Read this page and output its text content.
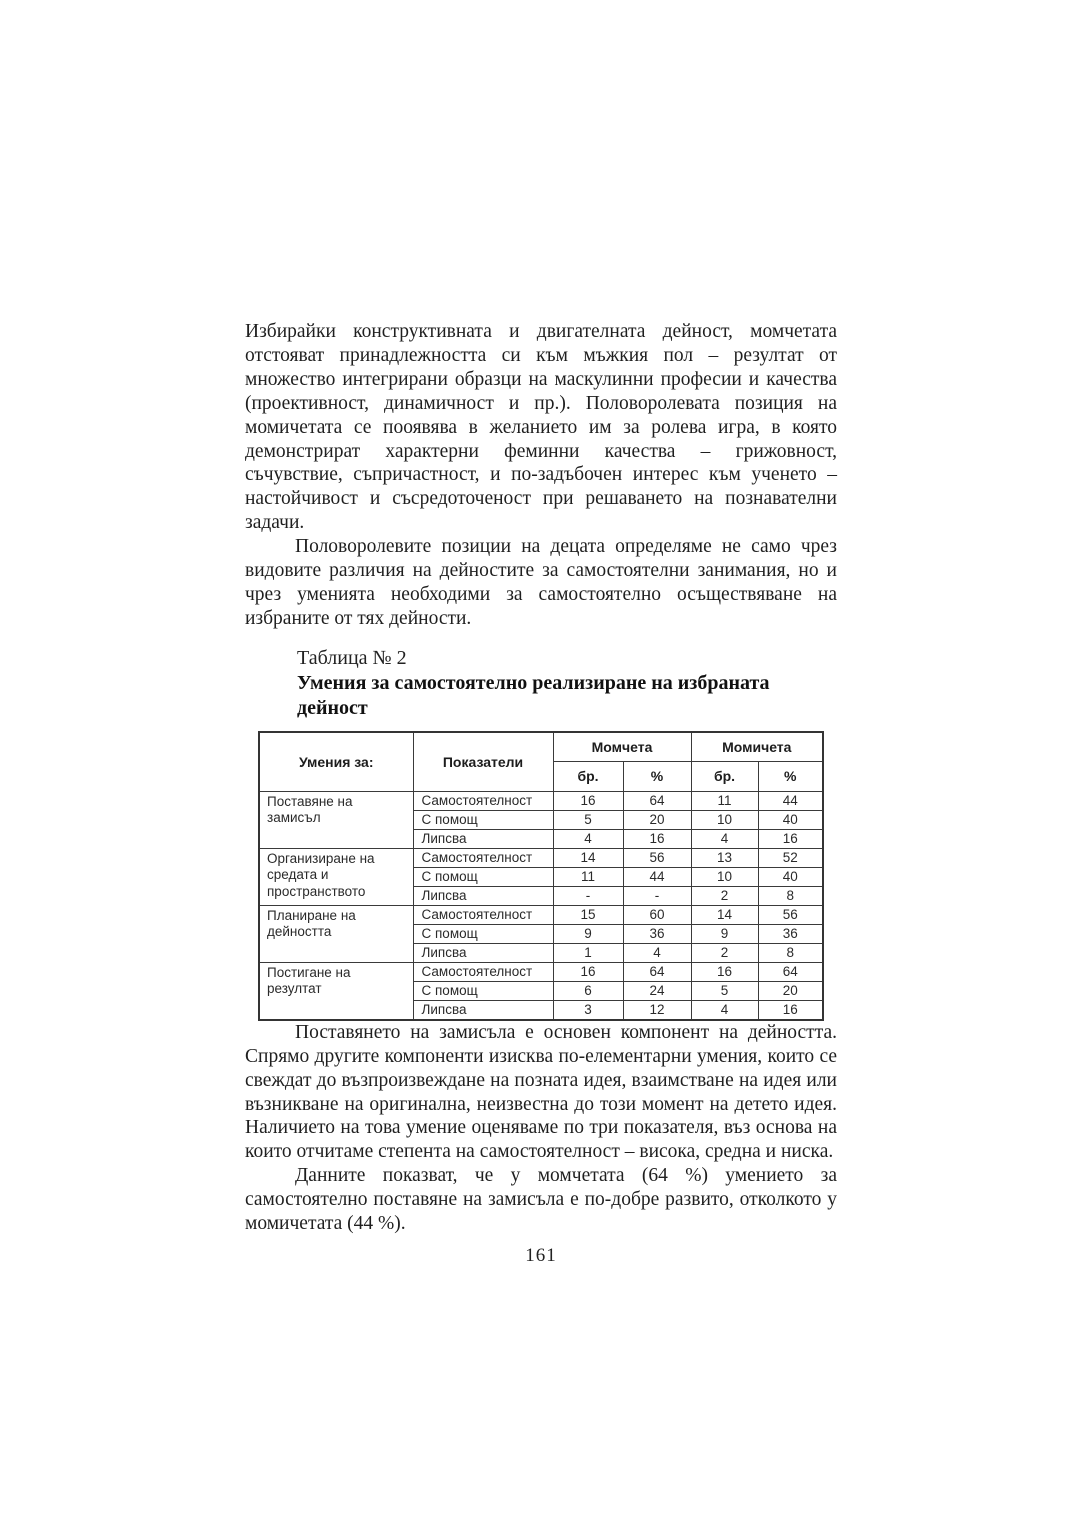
Избирайки конструктивната и двигателната дейност, момчетата отстояват принадлежността си към мъжкия пол – резултат от множество интегрирани образци на маскулинни професии и качества (проективност, динамичност и пр.). Половоролевата позиция на момичетата се пооявява в желанието им за ролева игра, в която демонстрират характерни феминни качества – грижовност, съчувствие, съпричастност, и по-задъбочен интерес към ученето – настойчивост и съсредоточеност при решаването на познавателни задачи.

Половоролевите позиции на децата определяме не само чрез видовите различия на дейностите за самостоятелни занимания, но и чрез уменията необходими за самостоятелно осъществяване на избраните от тях дейности.

Таблица № 2
Умения за самостоятелно реализиране на избраната дейност
Умения за:	Показатели	Момчета		Момичета	
		бр.	%	бр.	%
Поставяне на замисъл	Самостоятелност	16	64	11	44
	С помощ	5	20	10	40
	Липсва	4	16	4	16
Организиране на средата и пространството	Самостоятелност	14	56	13	52
	С помощ	11	44	10	40
	Липсва	-	-	2	8
Планиране на дейността	Самостоятелност	15	60	14	56
	С помощ	9	36	9	36
	Липсва	1	4	2	8
Постигане на резултат	Самостоятелност	16	64	16	64
	С помощ	6	24	5	20
	Липсва	3	12	4	16

Поставянето на замисъла е основен компонент на дейността. Спрямо другите компоненти изисква по-елементарни умения, които се свеждат до възпроизвеждане на позната идея, взаимстване на идея или възникване на оригинална, неизвестна до този момент на детето идея. Наличието на това умение оценяваме по три показателя, въз основа на които отчитаме степента на самостоятелност – висока, средна и ниска.

Данните показват, че у момчетата (64 %) умението за самостоятелно поставяне на замисъла е по-добре развито, отколкото у момичетата (44 %).

161
